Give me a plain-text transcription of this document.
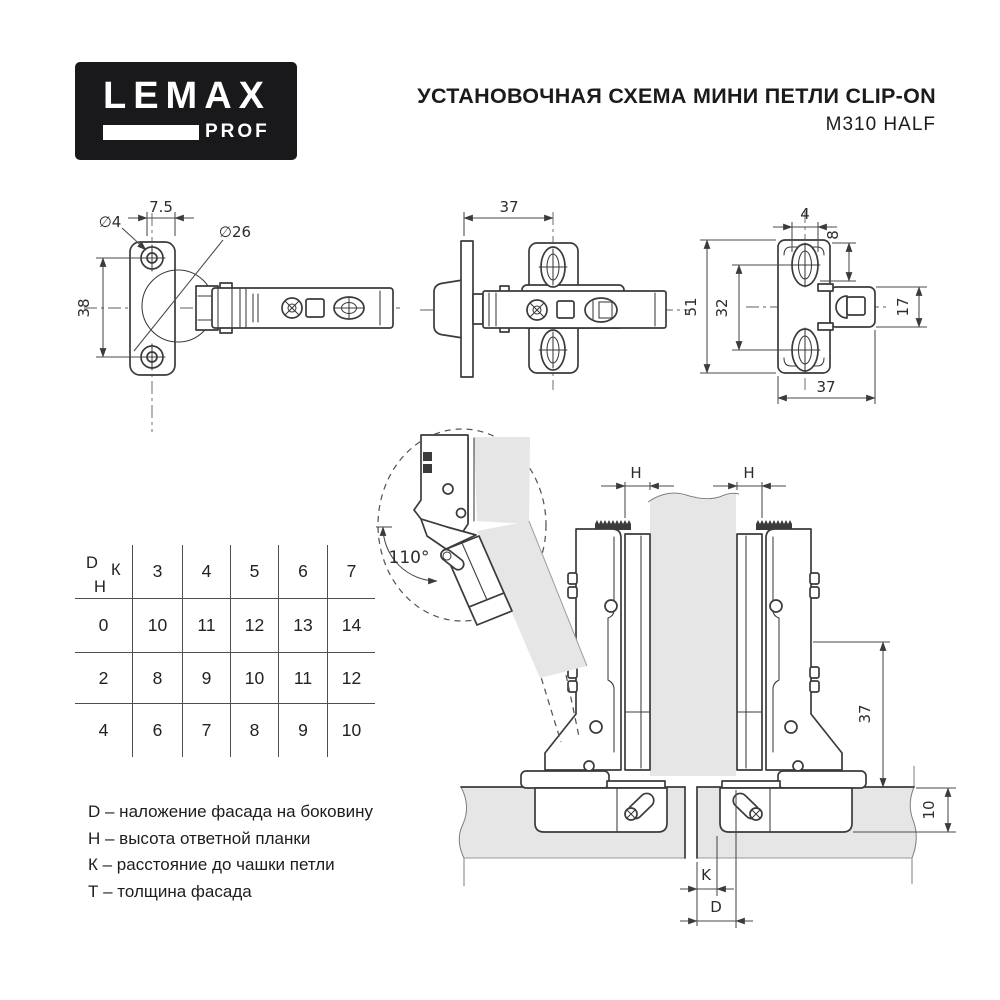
LEMAX
PROF
УСТАНОВОЧНАЯ СХЕМА МИНИ ПЕТЛИ CLIP-ON
M310 HALF
7.5
∅4
∅26
38
37	4
8
51 32	17
37
H	H
37
10
K
D
110°
D К
H
3	4	5	6	7
0	10	11	12	13	14
2	8	9	10	11	12
4	6	7	8	9	10
D – наложение фасада на боковину
H – высота ответной планки
К – расстояние до чашки петли
Т – толщина фасада
